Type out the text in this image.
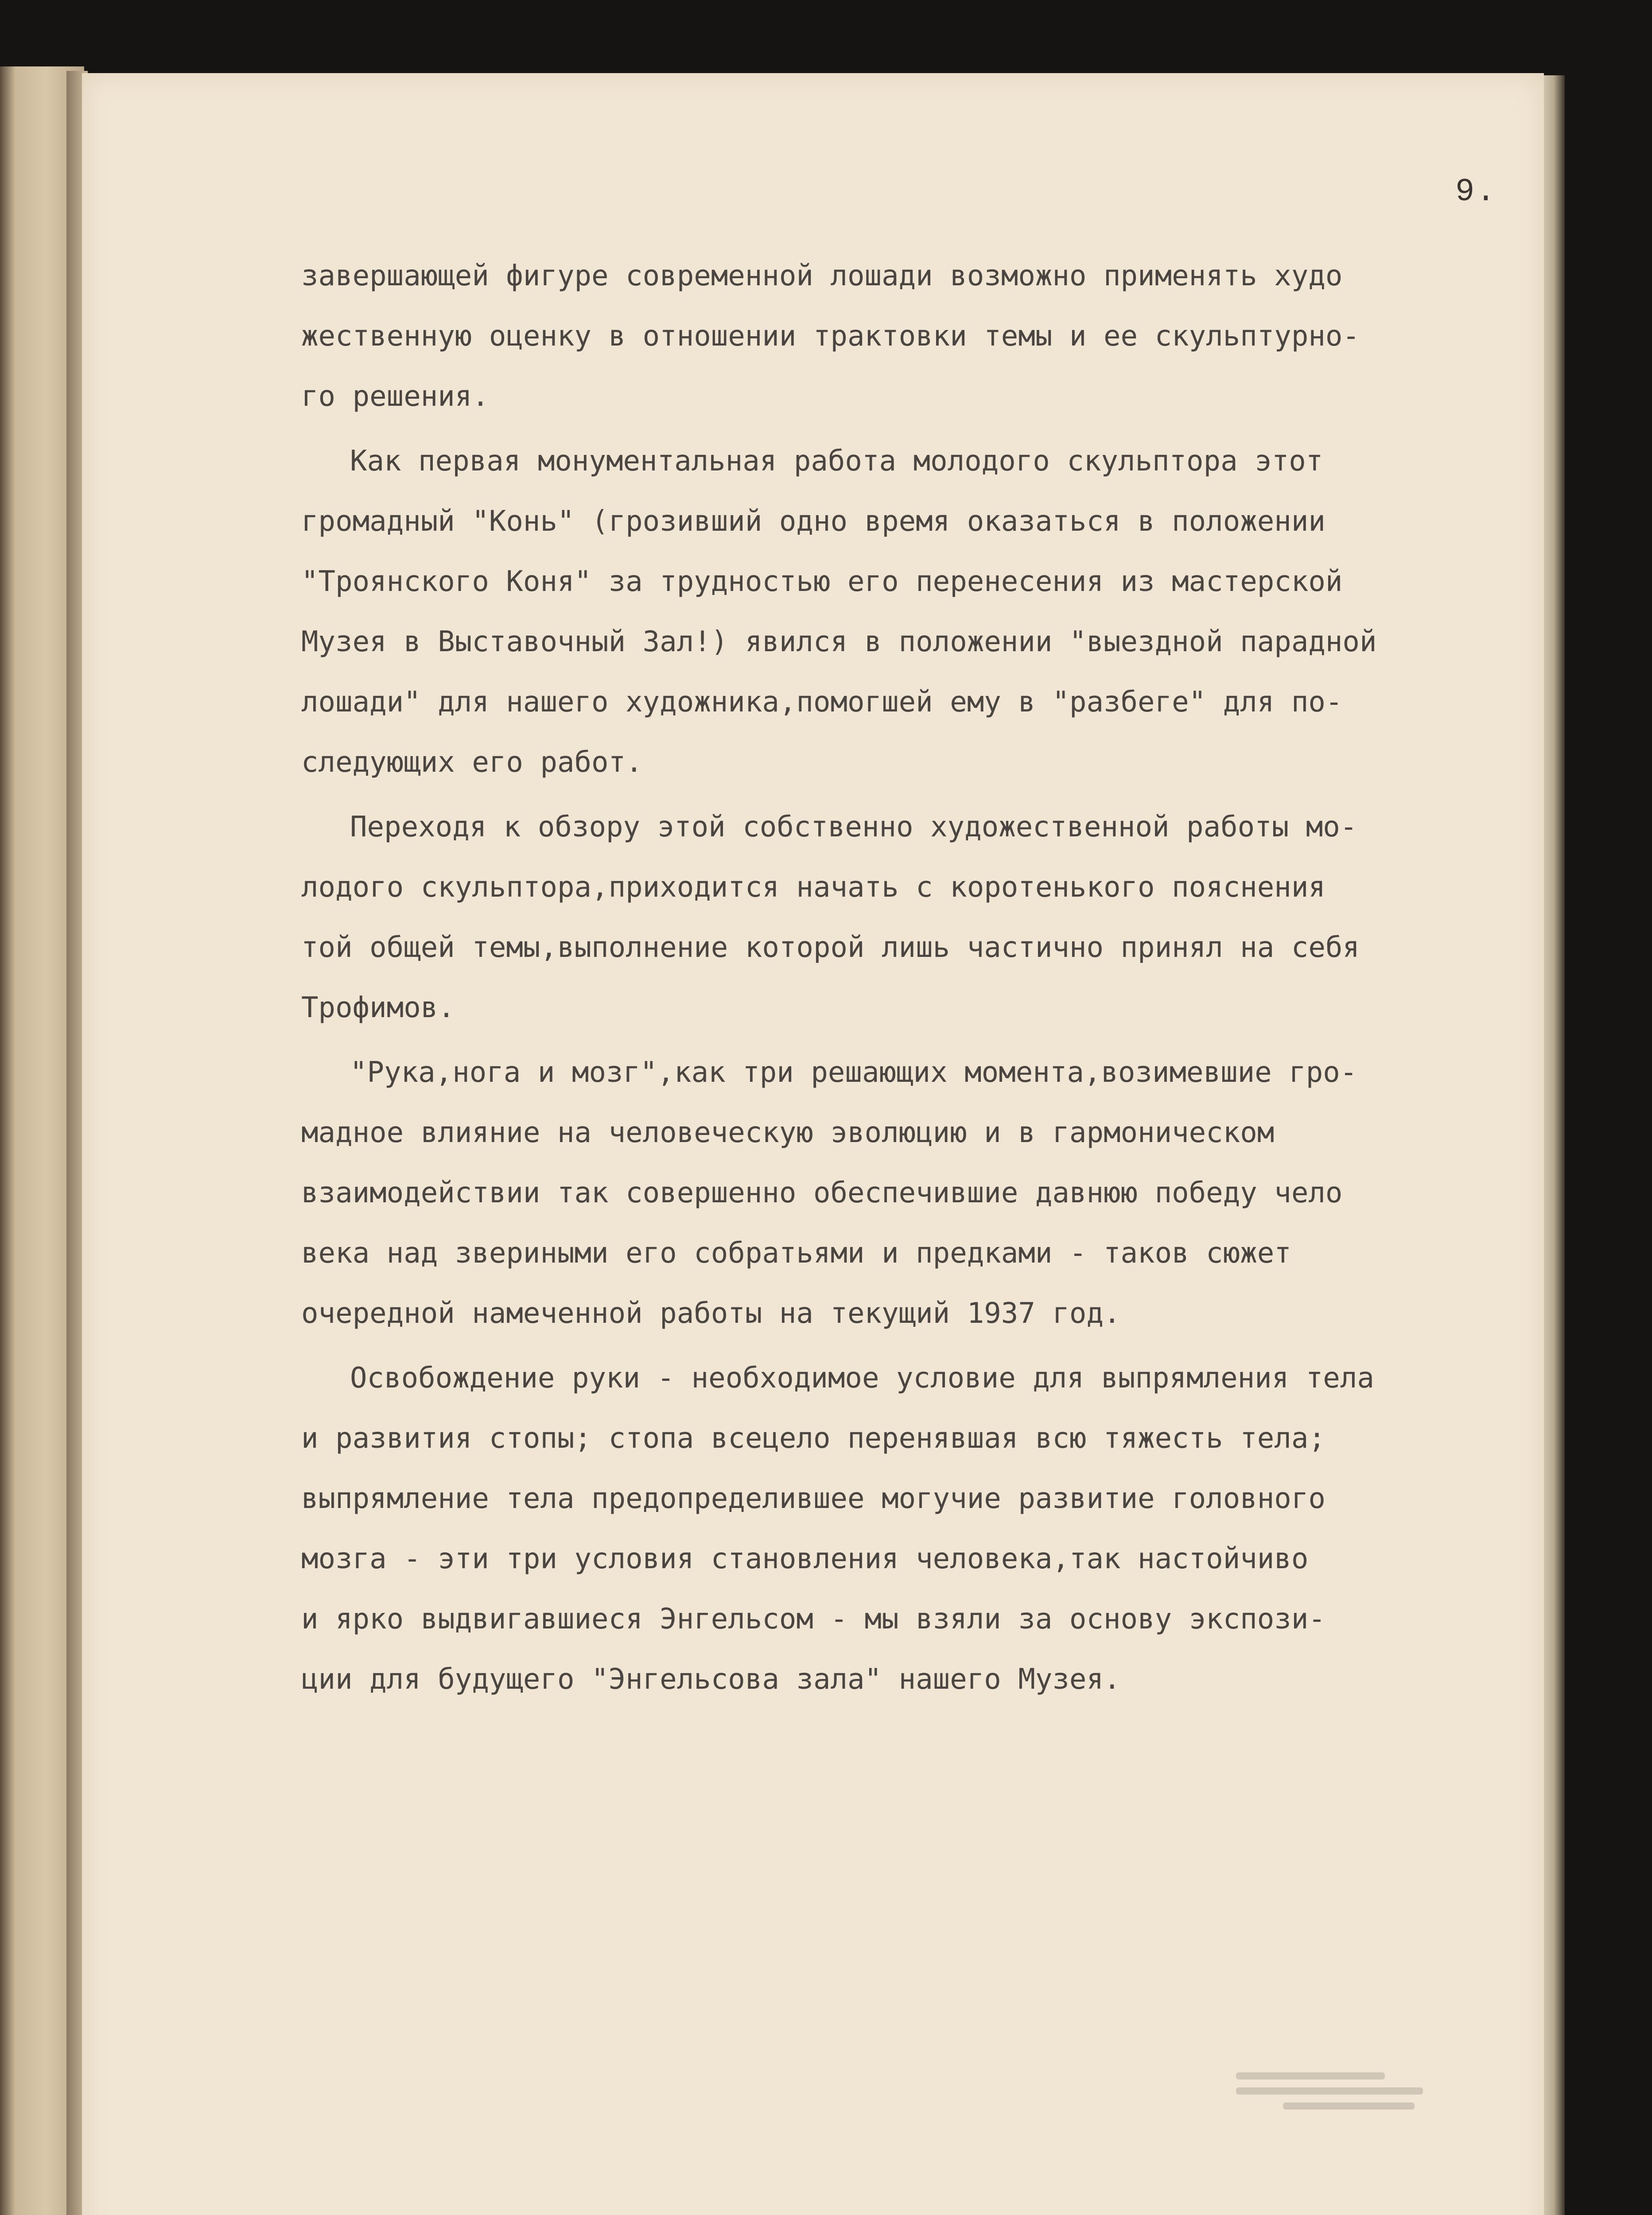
9.
завершающей фигуре современной лошади возможно применять худо
жественную оценку в отношении трактовки темы и ее скульптурно-
го решения.
Как первая монументальная работа молодого скульптора этот
громадный "Конь" (грозивший одно время оказаться в положении
"Троянского Коня" за трудностью его перенесения из мастерской
Музея в Выставочный Зал!) явился в положении "выездной парадной
лошади" для нашего художника,помогшей ему в "разбеге" для по-
следующих его работ.
Переходя к обзору этой собственно художественной работы мо-
лодого скульптора,приходится начать с коротенького пояснения
той общей темы,выполнение которой лишь частично принял на себя
Трофимов.
"Рука,нога и мозг",как три решающих момента,возимевшие гро-
мадное влияние на человеческую эволюцию и в гармоническом
взаимодействии так совершенно обеспечившие давнюю победу чело
века над звериными его собратьями и предками - таков сюжет
очередной намеченной работы на текущий 1937 год.
Освобождение руки - необходимое условие для выпрямления тела
и развития стопы; стопа всецело перенявшая всю тяжесть тела;
выпрямление тела предопределившее могучие развитие головного
мозга - эти три условия становления человека,так настойчиво
и ярко выдвигавшиеся Энгельсом - мы взяли за основу экспози-
ции для будущего "Энгельсова зала" нашего Музея.
